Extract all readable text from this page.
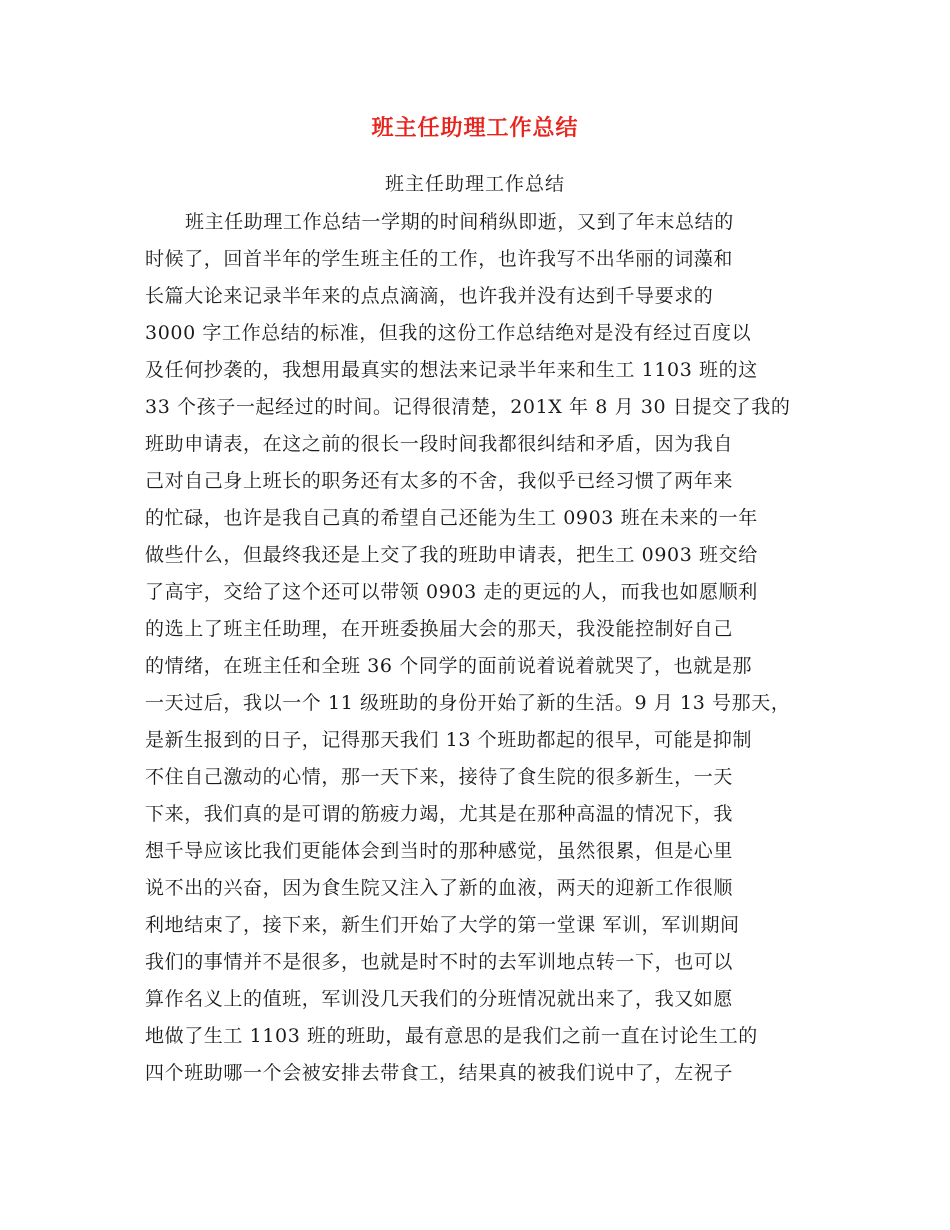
班主任助理工作总结
班主任助理工作总结
班主任助理工作总结一学期的时间稍纵即逝，又到了年末总结的
时候了，回首半年的学生班主任的工作，也许我写不出华丽的词藻和
长篇大论来记录半年来的点点滴滴，也许我并没有达到千导要求的
3000 字工作总结的标准，但我的这份工作总结绝对是没有经过百度以
及任何抄袭的，我想用最真实的想法来记录半年来和生工 1103 班的这
33 个孩子一起经过的时间。记得很清楚，201X 年 8 月 30 日提交了我的
班助申请表，在这之前的很长一段时间我都很纠结和矛盾，因为我自
己对自己身上班长的职务还有太多的不舍，我似乎已经习惯了两年来
的忙碌，也许是我自己真的希望自己还能为生工 0903 班在未来的一年
做些什么，但最终我还是上交了我的班助申请表，把生工 0903 班交给
了高宇，交给了这个还可以带领 0903 走的更远的人，而我也如愿顺利
的选上了班主任助理，在开班委换届大会的那天，我没能控制好自己
的情绪，在班主任和全班 36 个同学的面前说着说着就哭了，也就是那
一天过后，我以一个 11 级班助的身份开始了新的生活。9 月 13 号那天，
是新生报到的日子，记得那天我们 13 个班助都起的很早，可能是抑制
不住自己激动的心情，那一天下来，接待了食生院的很多新生，一天
下来，我们真的是可谓的筋疲力竭，尤其是在那种高温的情况下，我
想千导应该比我们更能体会到当时的那种感觉，虽然很累，但是心里
说不出的兴奋，因为食生院又注入了新的血液，两天的迎新工作很顺
利地结束了，接下来，新生们开始了大学的第一堂课 军训，军训期间
我们的事情并不是很多，也就是时不时的去军训地点转一下，也可以
算作名义上的值班，军训没几天我们的分班情况就出来了，我又如愿
地做了生工 1103 班的班助，最有意思的是我们之前一直在讨论生工的
四个班助哪一个会被安排去带食工，结果真的被我们说中了，左祝子
